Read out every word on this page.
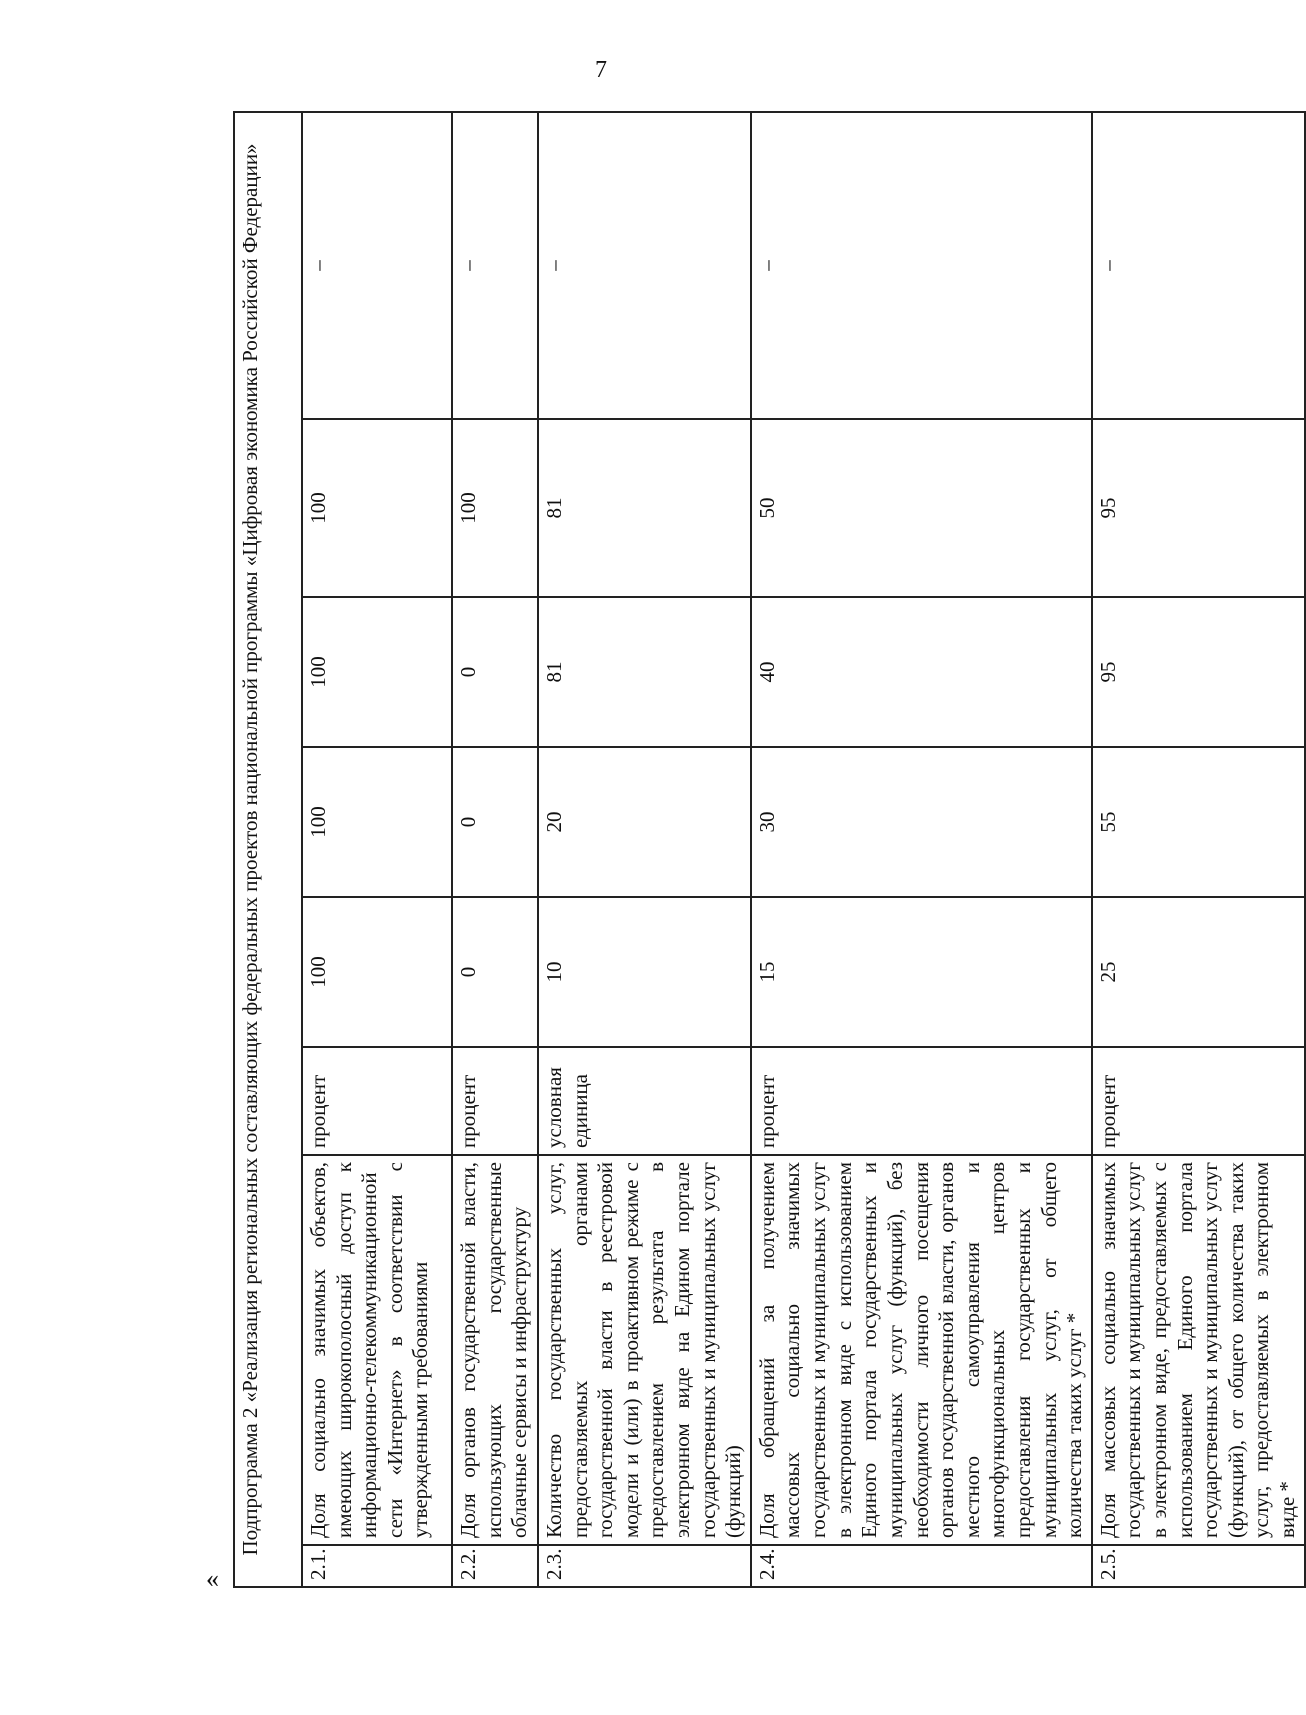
7
«
Подпрограмма 2 «Реализация региональных составляющих федеральных проектов национальной программы «Цифровая экономика Российской Федерации»							
2.1.	Доля социально значимых объектов, имеющих широкополосный доступ к информационно-телекоммуникационной сети «Интернет» в соответствии с утвержденными требованиями	процент	100	100	100	100	–
2.2.	Доля органов государственной власти, использующих государственные облачные сервисы и инфраструктуру	процент	0	0	0	100	–
2.3.	Количество государственных услуг, предоставляемых органами государственной власти в реестровой модели и (или) в проактивном режиме с предоставлением результата в электронном виде на Едином портале государственных и муниципальных услуг (функций)	условная единица	10	20	81	81	–
2.4.	Доля обращений за получением массовых социально значимых государственных и муниципальных услуг в электронном виде с использованием Единого портала государственных и муниципальных услуг (функций), без необходимости личного посещения органов государственной власти, органов местного самоуправления и многофункциональных центров предоставления государственных и муниципальных услуг, от общего количества таких услуг *	процент	15	30	40	50	–
2.5.	Доля массовых социально значимых государственных и муниципальных услуг в электронном виде, предоставляемых с использованием Единого портала государственных и муниципальных услуг (функций), от общего количества таких услуг, предоставляемых в электронном виде *	процент	25	55	95	95	–
